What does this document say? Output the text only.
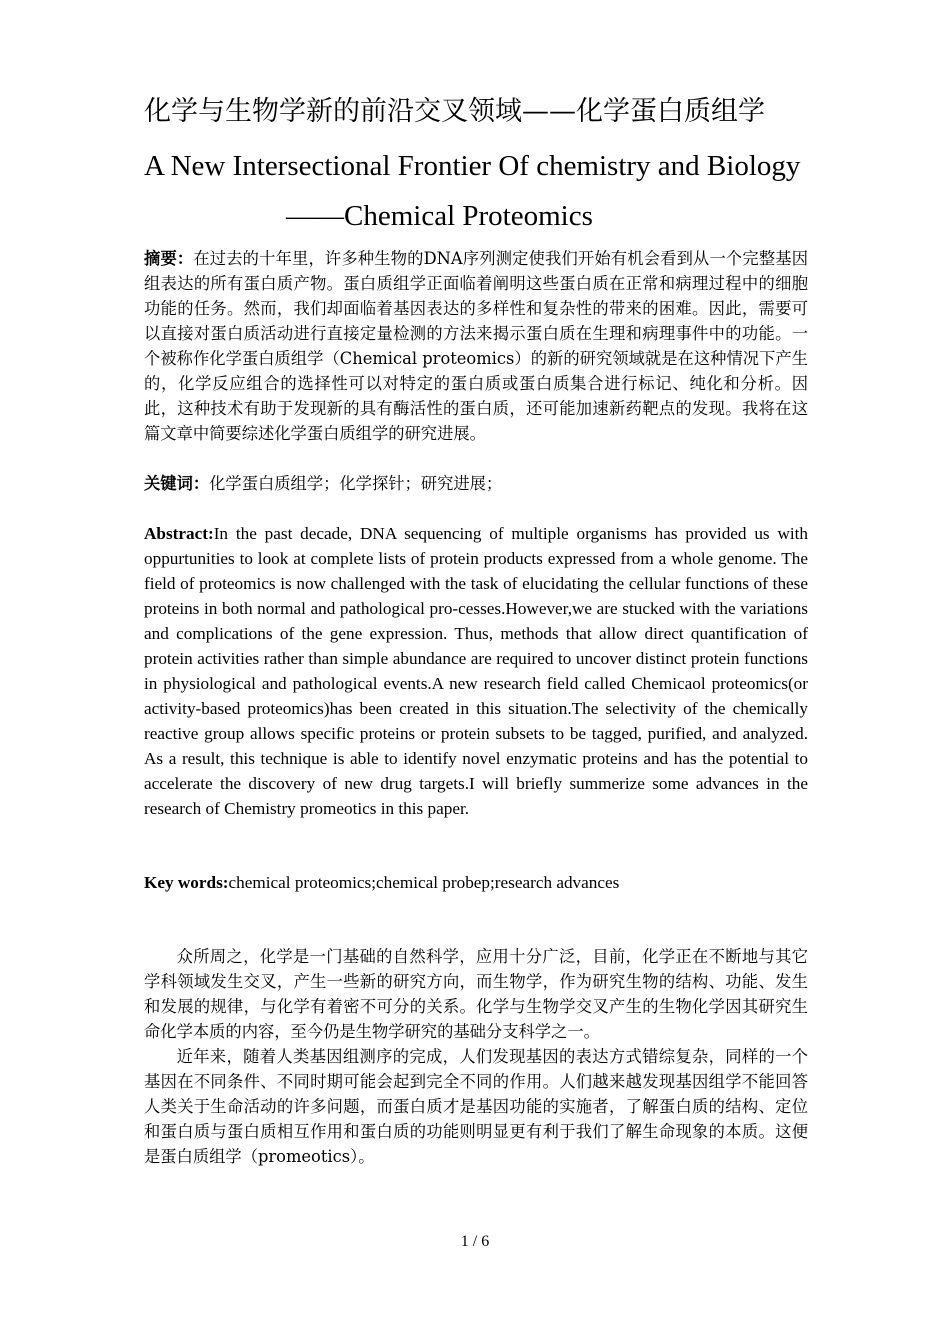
化学与生物学新的前沿交叉领域——化学蛋白质组学
A New Intersectional Frontier Of chemistry and Biology
——Chemical Proteomics
摘要：在过去的十年里，许多种生物的DNA序列测定使我们开始有机会看到从一个完整基因组表达的所有蛋白质产物。蛋白质组学正面临着阐明这些蛋白质在正常和病理过程中的细胞功能的任务。然而，我们却面临着基因表达的多样性和复杂性的带来的困难。因此，需要可以直接对蛋白质活动进行直接定量检测的方法来揭示蛋白质在生理和病理事件中的功能。一个被称作化学蛋白质组学（Chemical proteomics）的新的研究领域就是在这种情况下产生的，化学反应组合的选择性可以对特定的蛋白质或蛋白质集合进行标记、纯化和分析。因此，这种技术有助于发现新的具有酶活性的蛋白质，还可能加速新药靶点的发现。我将在这篇文章中简要综述化学蛋白质组学的研究进展。
关键词：化学蛋白质组学；化学探针；研究进展；
Abstract:In the past decade, DNA sequencing of multiple organisms has provided us with oppurtunities to look at complete lists of protein products expressed from a whole genome. The field of proteomics is now challenged with the task of elucidating the cellular functions of these proteins in both normal and pathological pro-cesses.However,we are stucked with the variations and complications of the gene expression. Thus, methods that allow direct quantification of protein activities rather than simple abundance are required to uncover distinct protein functions in physiological and pathological events.A new research field called Chemicaol proteomics(or activity-based proteomics)has been created in this situation.The selectivity of the chemically reactive group allows specific proteins or protein subsets to be tagged, purified, and analyzed. As a result, this technique is able to identify novel enzymatic proteins and has the potential to accelerate the discovery of new drug targets.I will briefly summerize some advances in the research of Chemistry promeotics in this paper.
Key words:chemical proteomics;chemical probep;research advances

众所周之，化学是一门基础的自然科学，应用十分广泛，目前，化学正在不断地与其它学科领域发生交叉，产生一些新的研究方向，而生物学，作为研究生物的结构、功能、发生和发展的规律，与化学有着密不可分的关系。化学与生物学交叉产生的生物化学因其研究生命化学本质的内容，至今仍是生物学研究的基础分支科学之一。

近年来，随着人类基因组测序的完成，人们发现基因的表达方式错综复杂，同样的一个基因在不同条件、不同时期可能会起到完全不同的作用。人们越来越发现基因组学不能回答人类关于生命活动的许多问题，而蛋白质才是基因功能的实施者，了解蛋白质的结构、定位和蛋白质与蛋白质相互作用和蛋白质的功能则明显更有利于我们了解生命现象的本质。这便是蛋白质组学（promeotics）。

1 / 6
